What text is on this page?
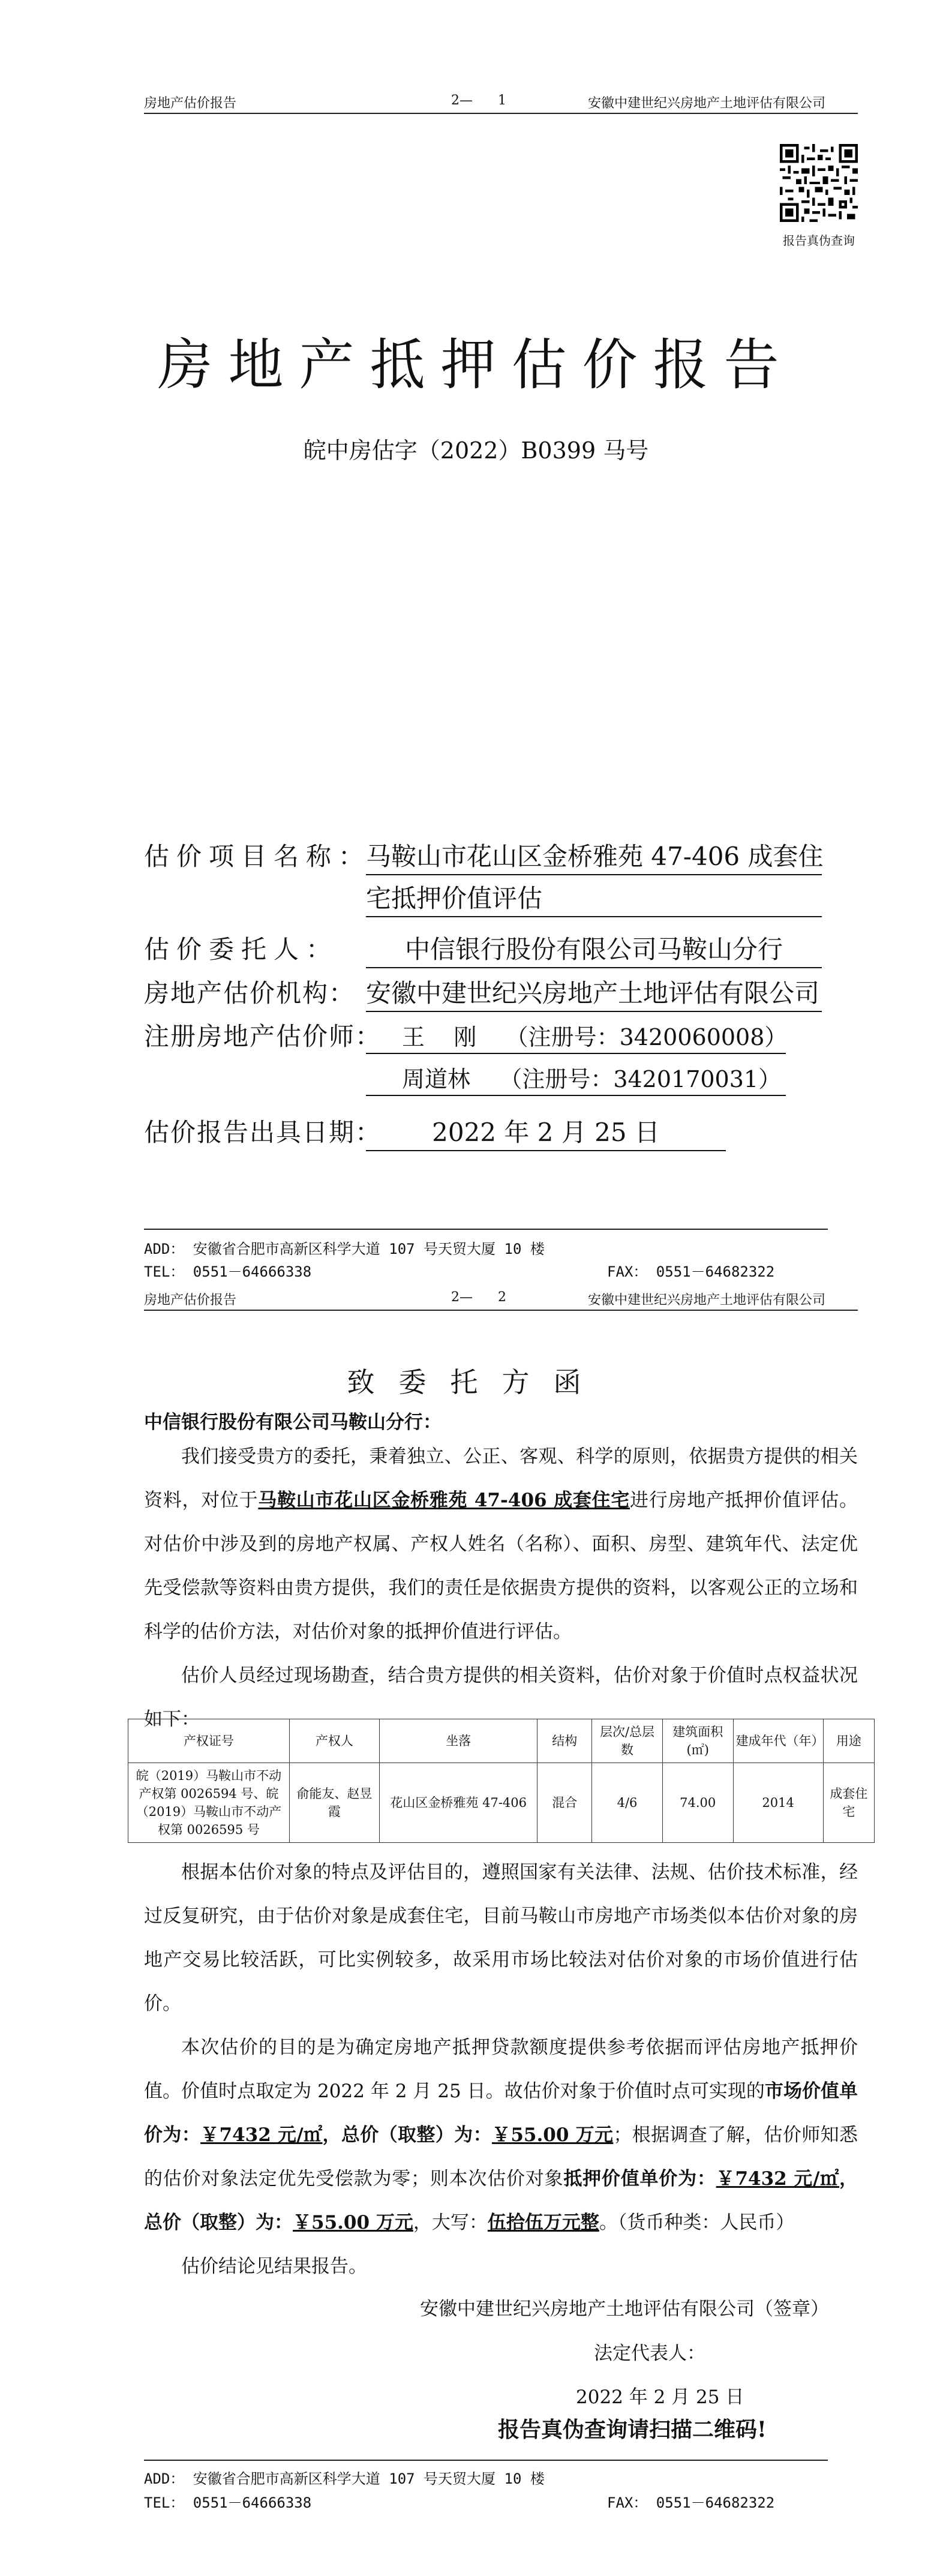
房地产估价报告	2—      1	安徽中建世纪兴房地产土地评估有限公司
报告真伪查询
房地产抵押估价报告
皖中房估字（2022）B0399 马号
估价项目名称：马鞍山市花山区金桥雅苑 47-406 成套住
宅抵押价值评估
估价委托人：	中信银行股份有限公司马鞍山分行
房地产估价机构： 安徽中建世纪兴房地产土地评估有限公司
注册房地产估价师： 王    刚    （注册号：3420060008）
周道林    （注册号：3420170031）
估价报告出具日期： 2022 年 2 月 25 日
ADD： 安徽省合肥市高新区科学大道 107 号天贸大厦 10 楼
TEL： 0551－64666338	FAX： 0551－64682322
房地产估价报告	2—      2	安徽中建世纪兴房地产土地评估有限公司
致委托方函
中信银行股份有限公司马鞍山分行：
我们接受贵方的委托，秉着独立、公正、客观、科学的原则，依据贵方提供的相关资料，对位于马鞍山市花山区金桥雅苑 47-406 成套住宅进行房地产抵押价值评估。对估价中涉及到的房地产权属、产权人姓名（名称）、面积、房型、建筑年代、法定优先受偿款等资料由贵方提供，我们的责任是依据贵方提供的资料，以客观公正的立场和科学的估价方法，对估价对象的抵押价值进行评估。
估价人员经过现场勘查，结合贵方提供的相关资料，估价对象于价值时点权益状况如下：
产权证号	产权人	坐落	结构	层次/总层数	建筑面积(㎡)	建成年代（年）	用途
皖（2019）马鞍山市不动产权第 0026594 号、皖（2019）马鞍山市不动产权第 0026595 号	俞能友、赵昱霞	花山区金桥雅苑 47-406	混合	4/6	74.00	2014	成套住宅
根据本估价对象的特点及评估目的，遵照国家有关法律、法规、估价技术标准，经过反复研究，由于估价对象是成套住宅，目前马鞍山市房地产市场类似本估价对象的房地产交易比较活跃，可比实例较多，故采用市场比较法对估价对象的市场价值进行估价。
本次估价的目的是为确定房地产抵押贷款额度提供参考依据而评估房地产抵押价值。价值时点取定为 2022 年 2 月 25 日。故估价对象于价值时点可实现的市场价值单价为：￥7432 元/㎡，总价（取整）为：￥55.00 万元；根据调查了解，估价师知悉的估价对象法定优先受偿款为零；则本次估价对象抵押价值单价为：￥7432 元/㎡，总价（取整）为：￥55.00 万元，大写：伍拾伍万元整。（货币种类：人民币）
估价结论见结果报告。
安徽中建世纪兴房地产土地评估有限公司（签章）
法定代表人：
2022 年 2 月 25 日
报告真伪查询请扫描二维码!
ADD： 安徽省合肥市高新区科学大道 107 号天贸大厦 10 楼
TEL： 0551－64666338	FAX： 0551－64682322
